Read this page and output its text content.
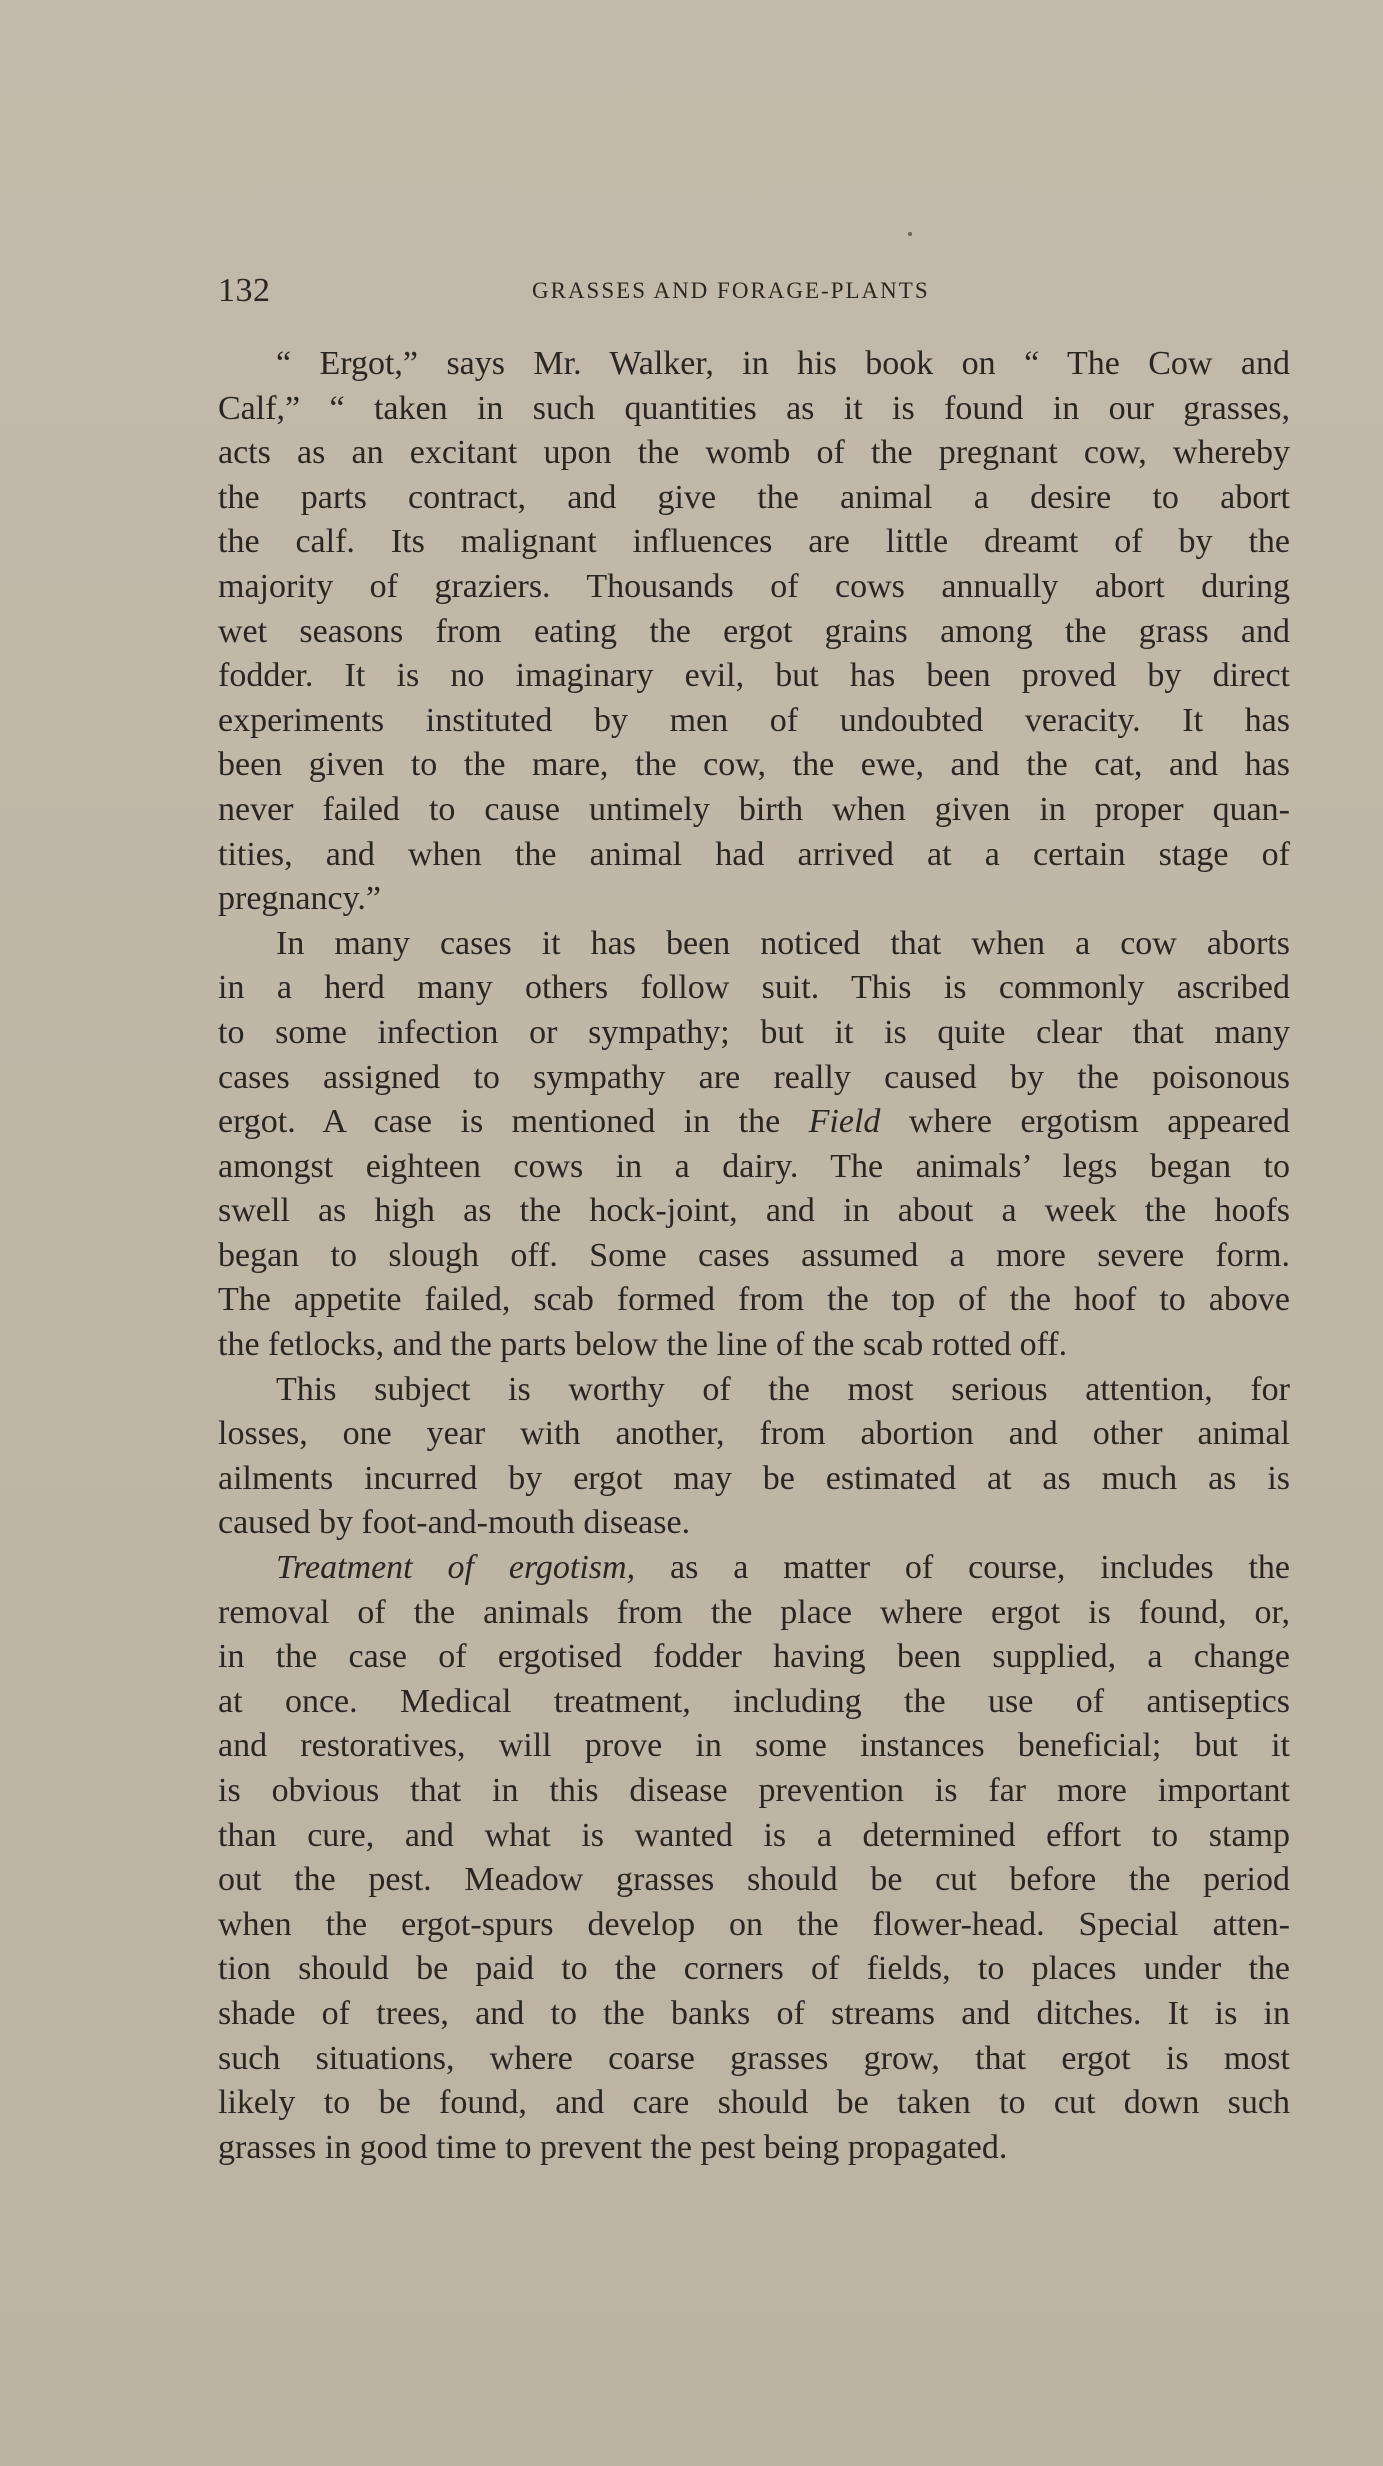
132	GRASSES AND FORAGE-PLANTS
“ Ergot,” says Mr. Walker, in his book on “ The Cow and
Calf,” “ taken in such quantities as it is found in our grasses,
acts as an excitant upon the womb of the pregnant cow, whereby
the parts contract, and give the animal a desire to abort
the calf. Its malignant influences are little dreamt of by the
majority of graziers. Thousands of cows annually abort during
wet seasons from eating the ergot grains among the grass and
fodder. It is no imaginary evil, but has been proved by direct
experiments instituted by men of undoubted veracity. It has
been given to the mare, the cow, the ewe, and the cat, and has
never failed to cause untimely birth when given in proper quan-
tities, and when the animal had arrived at a certain stage of
pregnancy.”
In many cases it has been noticed that when a cow aborts
in a herd many others follow suit. This is commonly ascribed
to some infection or sympathy; but it is quite clear that many
cases assigned to sympathy are really caused by the poisonous
ergot. A case is mentioned in the Field where ergotism appeared
amongst eighteen cows in a dairy. The animals’ legs began to
swell as high as the hock-joint, and in about a week the hoofs
began to slough off. Some cases assumed a more severe form.
The appetite failed, scab formed from the top of the hoof to above
the fetlocks, and the parts below the line of the scab rotted off.
This subject is worthy of the most serious attention, for
losses, one year with another, from abortion and other animal
ailments incurred by ergot may be estimated at as much as is
caused by foot-and-mouth disease.
Treatment of ergotism, as a matter of course, includes the
removal of the animals from the place where ergot is found, or,
in the case of ergotised fodder having been supplied, a change
at once. Medical treatment, including the use of antiseptics
and restoratives, will prove in some instances beneficial; but it
is obvious that in this disease prevention is far more important
than cure, and what is wanted is a determined effort to stamp
out the pest. Meadow grasses should be cut before the period
when the ergot-spurs develop on the flower-head. Special atten-
tion should be paid to the corners of fields, to places under the
shade of trees, and to the banks of streams and ditches. It is in
such situations, where coarse grasses grow, that ergot is most
likely to be found, and care should be taken to cut down such
grasses in good time to prevent the pest being propagated.
